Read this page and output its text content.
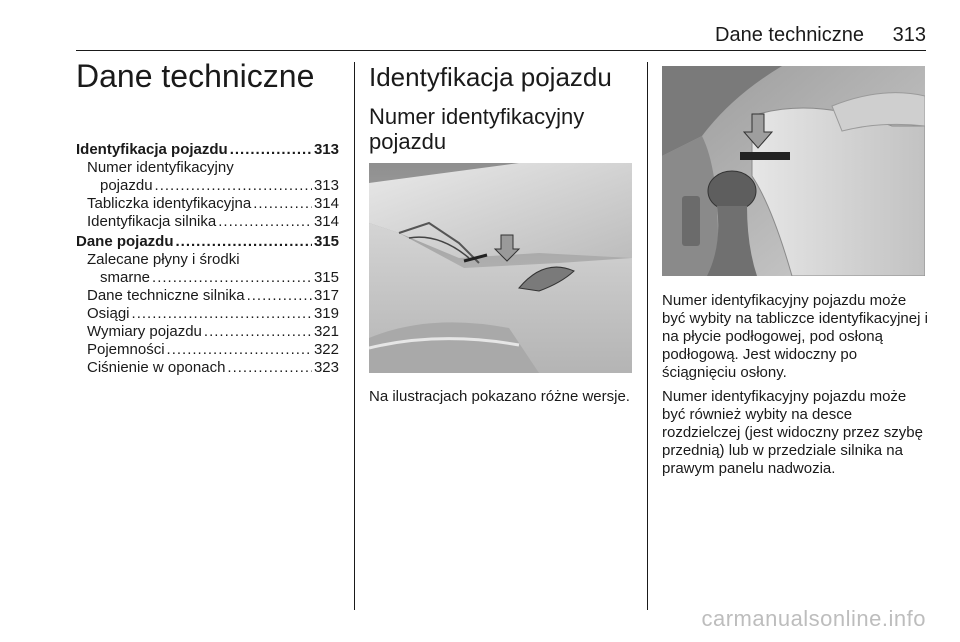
Dane techniczne 313
Dane techniczne
Identyfikacja pojazdu .....	313
Numer identyfikacyjny
pojazdu .....	313
Tabliczka identyfikacyjna .....	314
Identyfikacja silnika .....	314
Dane pojazdu .....	315
Zalecane płyny i środki
smarne .....	315
Dane techniczne silnika .....	317
Osiągi .....	319
Wymiary pojazdu .....	321
Pojemności .....	322
Ciśnienie w oponach .....	323
Identyfikacja pojazdu
Numer identyfikacyjny pojazdu

Na ilustracjach pokazano różne wersje.

Numer identyfikacyjny pojazdu może być wybity na tabliczce identyfikacyjnej i na płycie podłogowej, pod osłoną podłogową. Jest widoczny po ściągnięciu osłony.

Numer identyfikacyjny pojazdu może być również wybity na desce rozdzielczej (jest widoczny przez szybę przednią) lub w przedziale silnika na prawym panelu nadwozia.

carmanualsonline.info
